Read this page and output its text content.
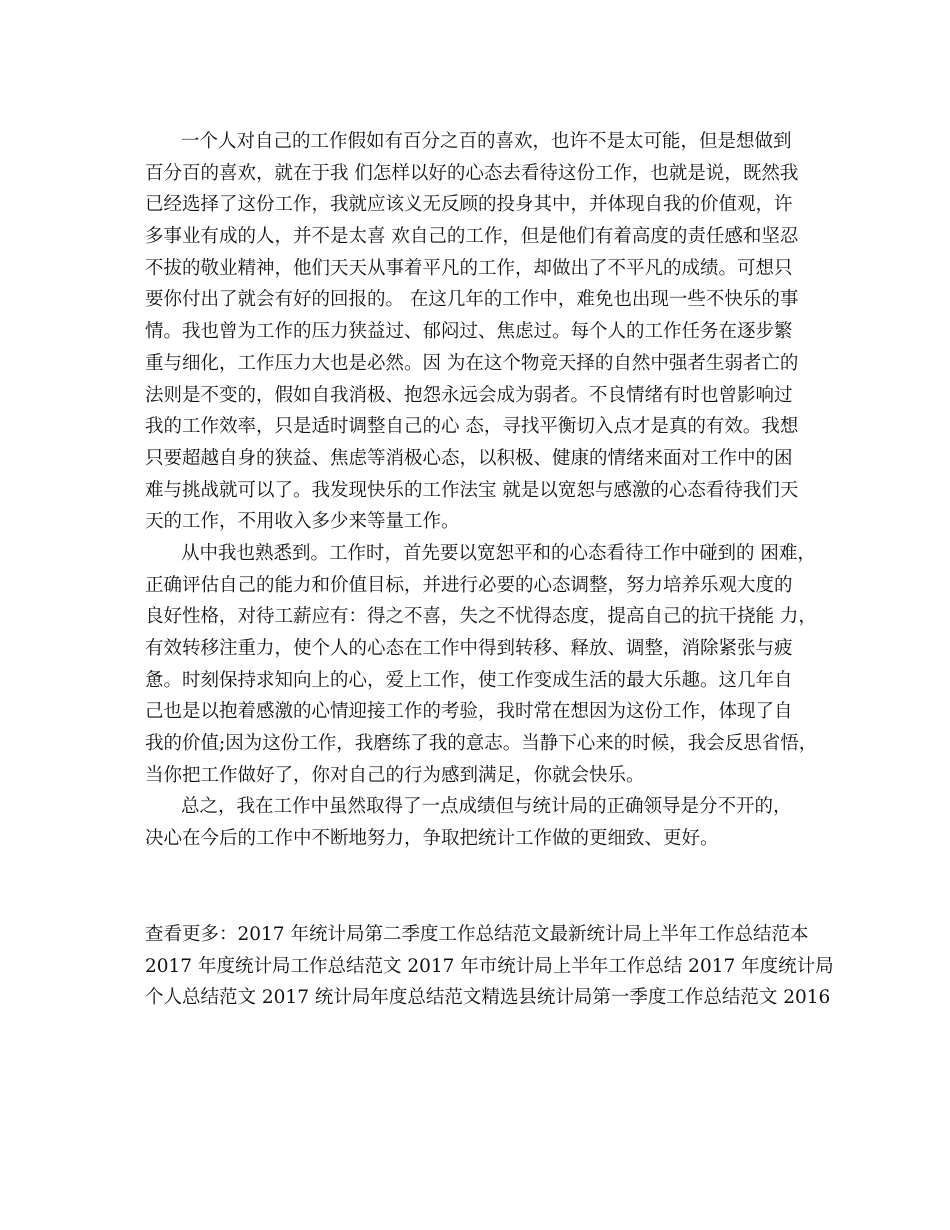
一个人对自己的工作假如有百分之百的喜欢，也许不是太可能，但是想做到
百分百的喜欢，就在于我 们怎样以好的心态去看待这份工作，也就是说，既然我
已经选择了这份工作，我就应该义无反顾的投身其中，并体现自我的价值观，许
多事业有成的人，并不是太喜 欢自己的工作，但是他们有着高度的责任感和坚忍
不拔的敬业精神，他们天天从事着平凡的工作，却做出了不平凡的成绩。可想只
要你付出了就会有好的回报的。 在这几年的工作中，难免也出现一些不快乐的事
情。我也曾为工作的压力狭益过、郁闷过、焦虑过。每个人的工作任务在逐步繁
重与细化，工作压力大也是必然。因 为在这个物竞天择的自然中强者生弱者亡的
法则是不变的，假如自我消极、抱怨永远会成为弱者。不良情绪有时也曾影响过
我的工作效率，只是适时调整自己的心 态，寻找平衡切入点才是真的有效。我想
只要超越自身的狭益、焦虑等消极心态，以积极、健康的情绪来面对工作中的困
难与挑战就可以了。我发现快乐的工作法宝 就是以宽恕与感激的心态看待我们天
天的工作，不用收入多少来等量工作。
从中我也熟悉到。工作时，首先要以宽恕平和的心态看待工作中碰到的 困难，
正确评估自己的能力和价值目标，并进行必要的心态调整，努力培养乐观大度的
良好性格，对待工薪应有：得之不喜，失之不忧得态度，提高自己的抗干挠能 力，
有效转移注重力，使个人的心态在工作中得到转移、释放、调整，消除紧张与疲
惫。时刻保持求知向上的心，爱上工作，使工作变成生活的最大乐趣。这几年自
己也是以抱着感激的心情迎接工作的考验，我时常在想因为这份工作，体现了自
我的价值;因为这份工作，我磨练了我的意志。当静下心来的时候，我会反思省悟，
当你把工作做好了，你对自己的行为感到满足，你就会快乐。
总之，我在工作中虽然取得了一点成绩但与统计局的正确领导是分不开的，
决心在今后的工作中不断地努力，争取把统计工作做的更细致、更好。
查看更多：2017 年统计局第二季度工作总结范文最新统计局上半年工作总结范本
2017 年度统计局工作总结范文 2017 年市统计局上半年工作总结 2017 年度统计局
个人总结范文 2017 统计局年度总结范文精选县统计局第一季度工作总结范文 2016
